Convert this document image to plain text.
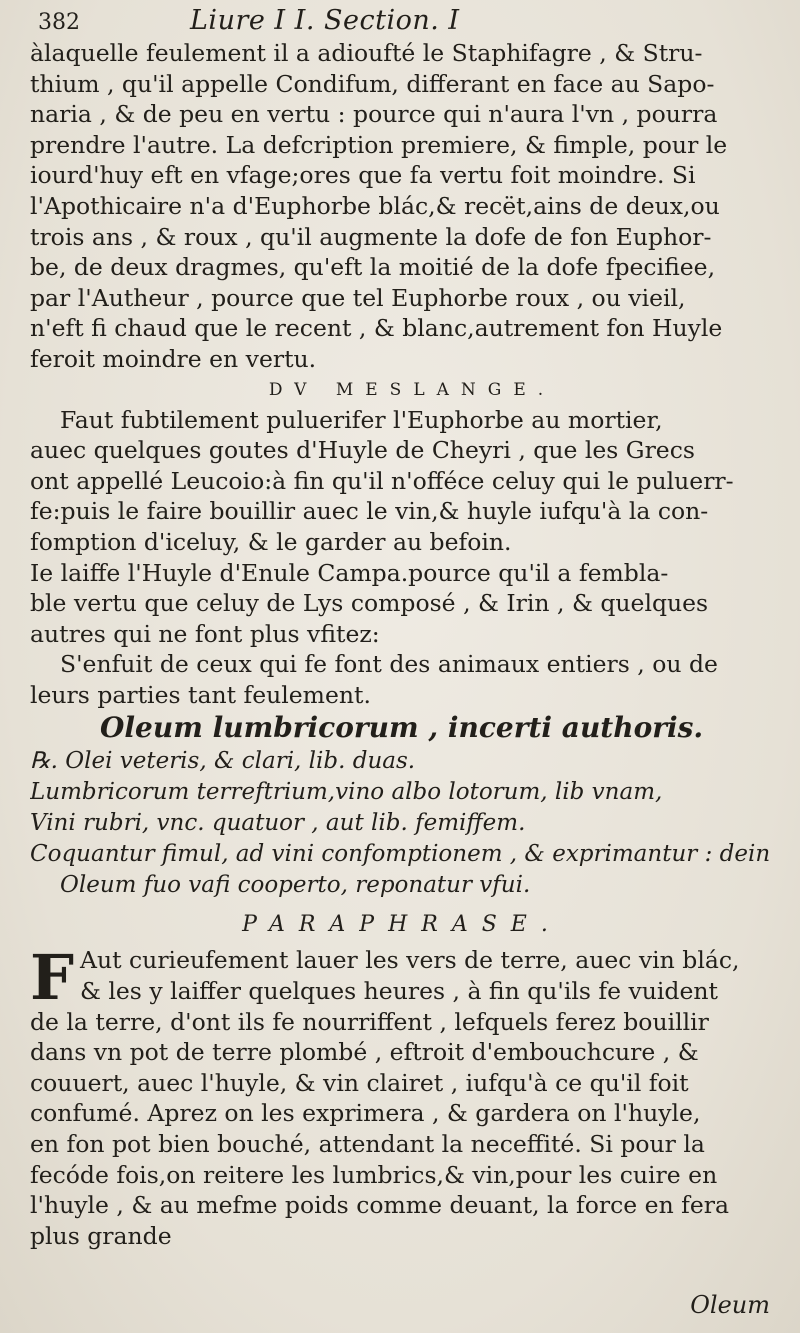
382	Liure I I. Section. I
àlaquelle feulement il a adioufté le Staphifagre , & Stru-
thium , qu'il appelle Condifum, differant en face au Sapo-
naria , & de peu en vertu : pource qui n'aura l'vn , pourra
prendre l'autre. La defcription premiere, & fimple, pour le
iourd'huy eft en vfage;ores que fa vertu foit moindre. Si
l'Apothicaire n'a d'Euphorbe blác,& recët,ains de deux,ou
trois ans , & roux , qu'il augmente la dofe de fon Euphor-
be, de deux dragmes, qu'eft la moitié de la dofe fpecifiee,
par l'Autheur , pource que tel Euphorbe roux , ou vieil,
n'eft fi chaud que le recent , & blanc,autrement fon Huyle
feroit moindre en vertu.

DV MESLANGE.

Faut fubtilement puluerifer l'Euphorbe au mortier,
auec quelques goutes d'Huyle de Cheyri , que les Grecs
ont appellé Leucoio:à fin qu'il n'offéce celuy qui le puluerr-
fe:puis le faire bouillir auec le vin,& huyle iufqu'à la con-
fomption d'iceluy, & le garder au befoin.
Ie laiffe l'Huyle d'Enule Campa.pource qu'il a fembla-
ble vertu que celuy de Lys composé , & Irin , & quelques
autres qui ne font plus vfitez:
S'enfuit de ceux qui fe font des animaux entiers , ou de
leurs parties tant feulement.

Oleum lumbricorum , incerti authoris.

℞. Olei veteris, & clari, lib. duas.
Lumbricorum terreftrium,vino albo lotorum, lib vnam,
Vini rubri, vnc. quatuor , aut lib. femiffem.
Coquantur fimul, ad vini confomptionem , & exprimantur : dein
Oleum fuo vafi cooperto, reponatur vfui.

PARAPHRASE.

F Aut curieufement lauer les vers de terre, auec vin blác,
& les y laiffer quelques heures , à fin qu'ils fe vuident
de la terre, d'ont ils fe nourriffent , lefquels ferez bouillir
dans vn pot de terre plombé , eftroit d'embouchcure , &
couuert, auec l'huyle, & vin clairet , iufqu'à ce qu'il foit
confumé. Aprez on les exprimera , & gardera on l'huyle,
en fon pot bien bouché, attendant la neceffité. Si pour la
fecóde fois,on reitere les lumbrics,& vin,pour les cuire en
l'huyle , & au mefme poids comme deuant, la force en fera
plus grande
Oleum
